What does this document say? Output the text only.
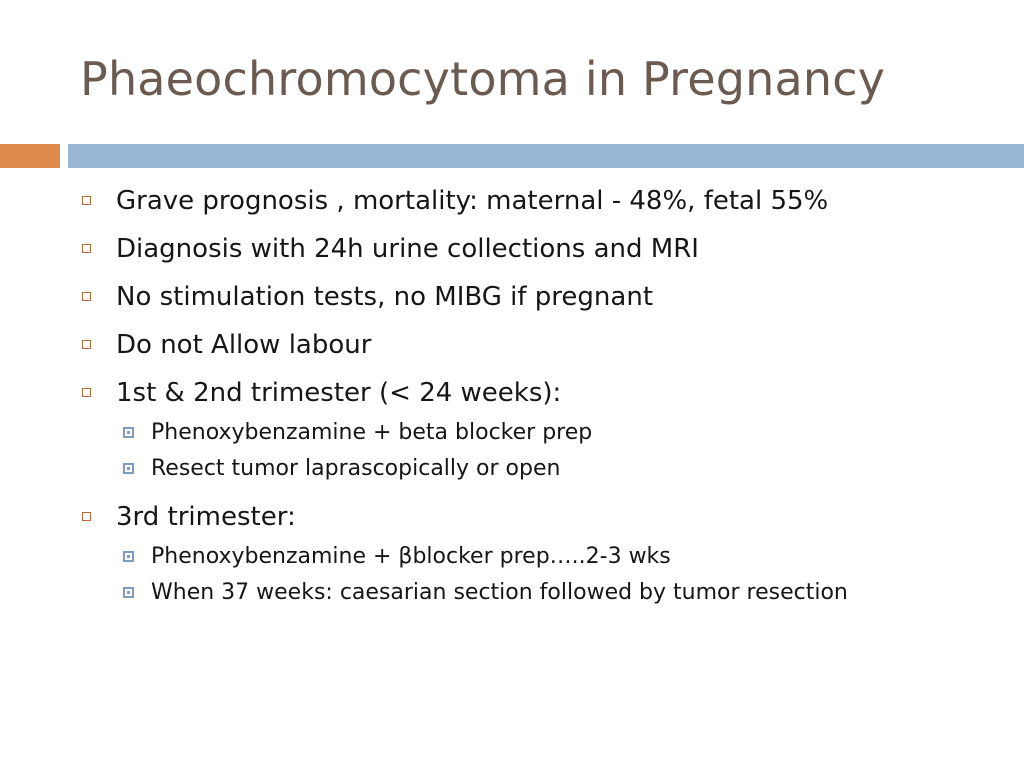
Phaeochromocytoma in Pregnancy
Grave prognosis , mortality: maternal - 48%, fetal 55%
Diagnosis with 24h urine collections and MRI
No stimulation tests, no MIBG if pregnant
Do not Allow labour
1st & 2nd trimester (< 24 weeks):
Phenoxybenzamine + beta blocker prep
Resect tumor laprascopically or open
3rd trimester:
Phenoxybenzamine + βblocker prep…..2-3 wks
When 37 weeks: caesarian section followed by tumor resection
